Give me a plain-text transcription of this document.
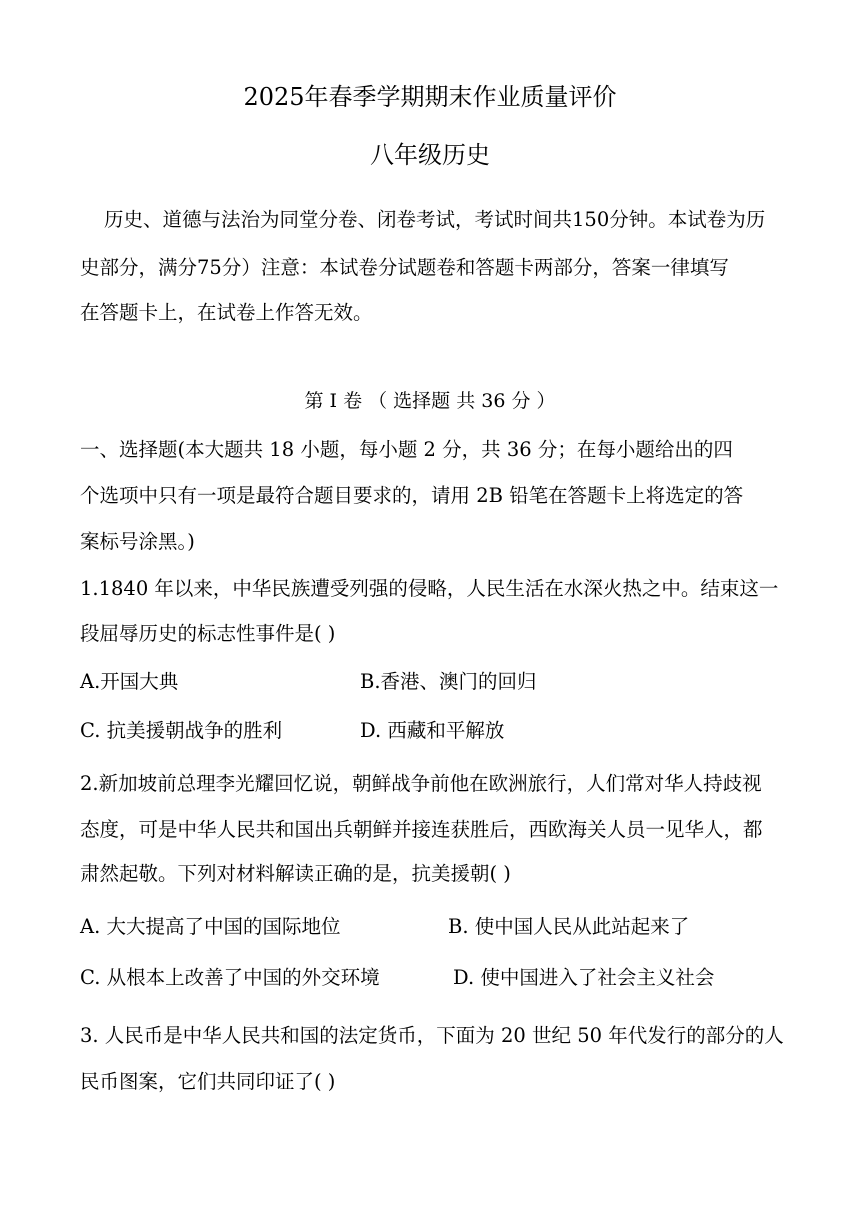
2025年春季学期期末作业质量评价
八年级历史
历史、道德与法治为同堂分卷、闭卷考试，考试时间共150分钟。本试卷为历
史部分，满分75分）注意：本试卷分试题卷和答题卡两部分，答案一律填写
在答题卡上，在试卷上作答无效。
第 I 卷 （ 选择题 共 36 分 ）
一、选择题(本大题共 18 小题，每小题 2 分，共 36 分；在每小题给出的四
个选项中只有一项是最符合题目要求的，请用 2B 铅笔在答题卡上将选定的答
案标号涂黑。)
1.1840 年以来，中华民族遭受列强的侵略，人民生活在水深火热之中。结束这一
段屈辱历史的标志性事件是( )
A.开国大典	B.香港、澳门的回归
C. 抗美援朝战争的胜利	D. 西藏和平解放
2.新加坡前总理李光耀回忆说，朝鲜战争前他在欧洲旅行，人们常对华人持歧视
态度，可是中华人民共和国出兵朝鲜并接连获胜后，西欧海关人员一见华人，都
肃然起敬。下列对材料解读正确的是，抗美援朝( )
A. 大大提高了中国的国际地位	B. 使中国人民从此站起来了
C. 从根本上改善了中国的外交环境	D. 使中国进入了社会主义社会
3. 人民币是中华人民共和国的法定货币，下面为 20 世纪 50 年代发行的部分的人
民币图案，它们共同印证了( )
